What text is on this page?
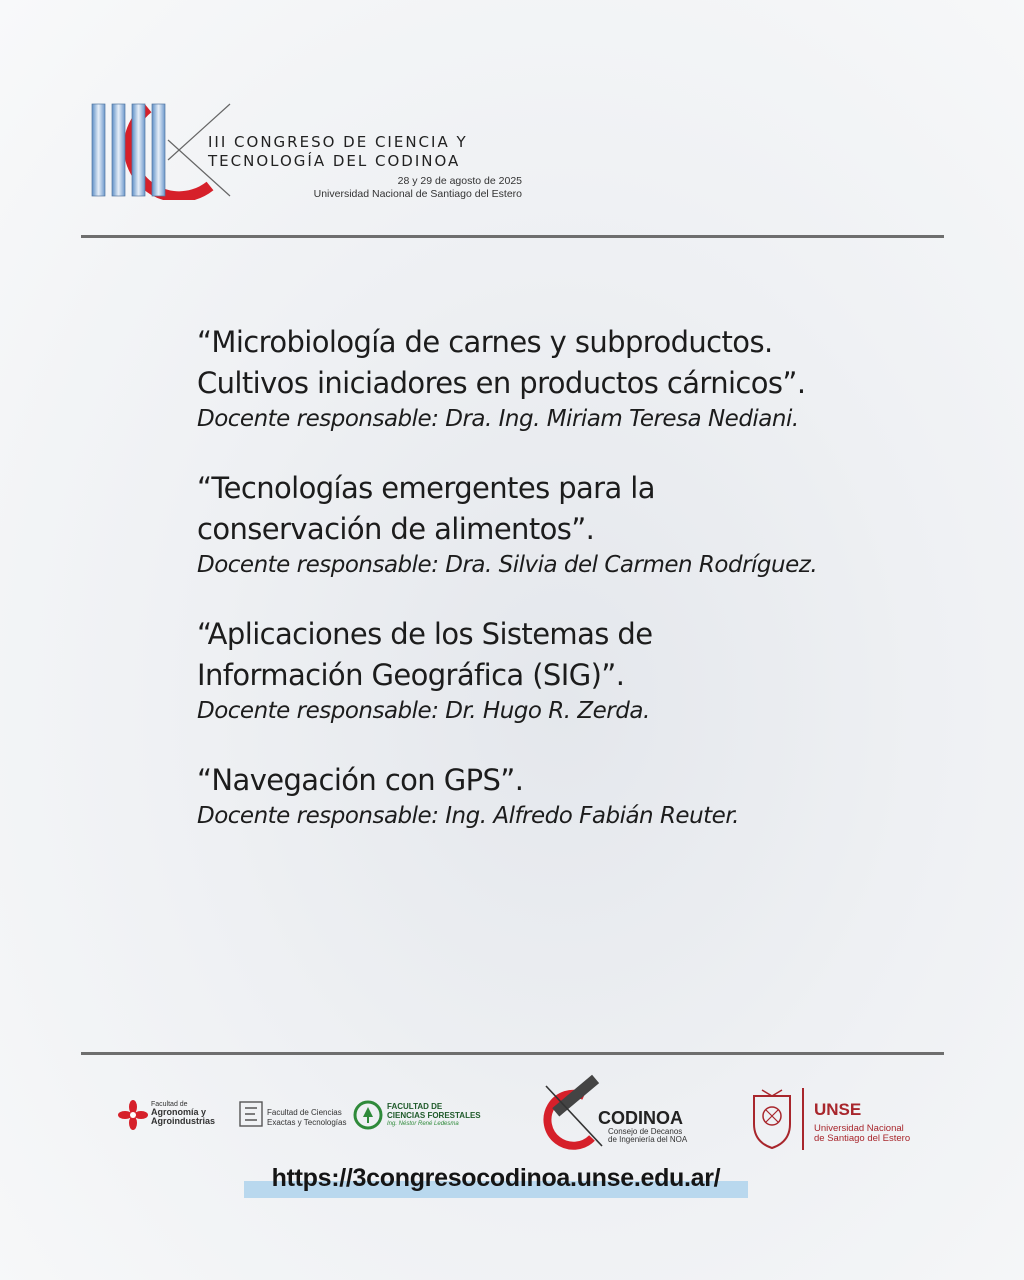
III CONGRESO DE CIENCIA Y
TECNOLOGÍA DEL CODINOA
28 y 29 de agosto de 2025
Universidad Nacional de Santiago del Estero
“Microbiología de carnes y subproductos.
Cultivos iniciadores en productos cárnicos”.
Docente responsable: Dra. Ing. Miriam Teresa Nediani.
“Tecnologías emergentes para la
conservación de alimentos”.
Docente responsable: Dra. Silvia del Carmen Rodríguez.
“Aplicaciones de los Sistemas de
Información Geográfica (SIG)”.
Docente responsable: Dr. Hugo R. Zerda.
“Navegación con GPS”.
Docente responsable: Ing. Alfredo Fabián Reuter.
Facultad de
Agronomía y
Agroindustrias
Facultad de Ciencias
Exactas y Tecnologías
FACULTAD DE
CIENCIAS FORESTALES
Ing. Néstor René Ledesma	CODINOA
Consejo de Decanos
de Ingeniería del NOA
UNSE
Universidad Nacional
de Santiago del Estero
https://3congresocodinoa.unse.edu.ar/
